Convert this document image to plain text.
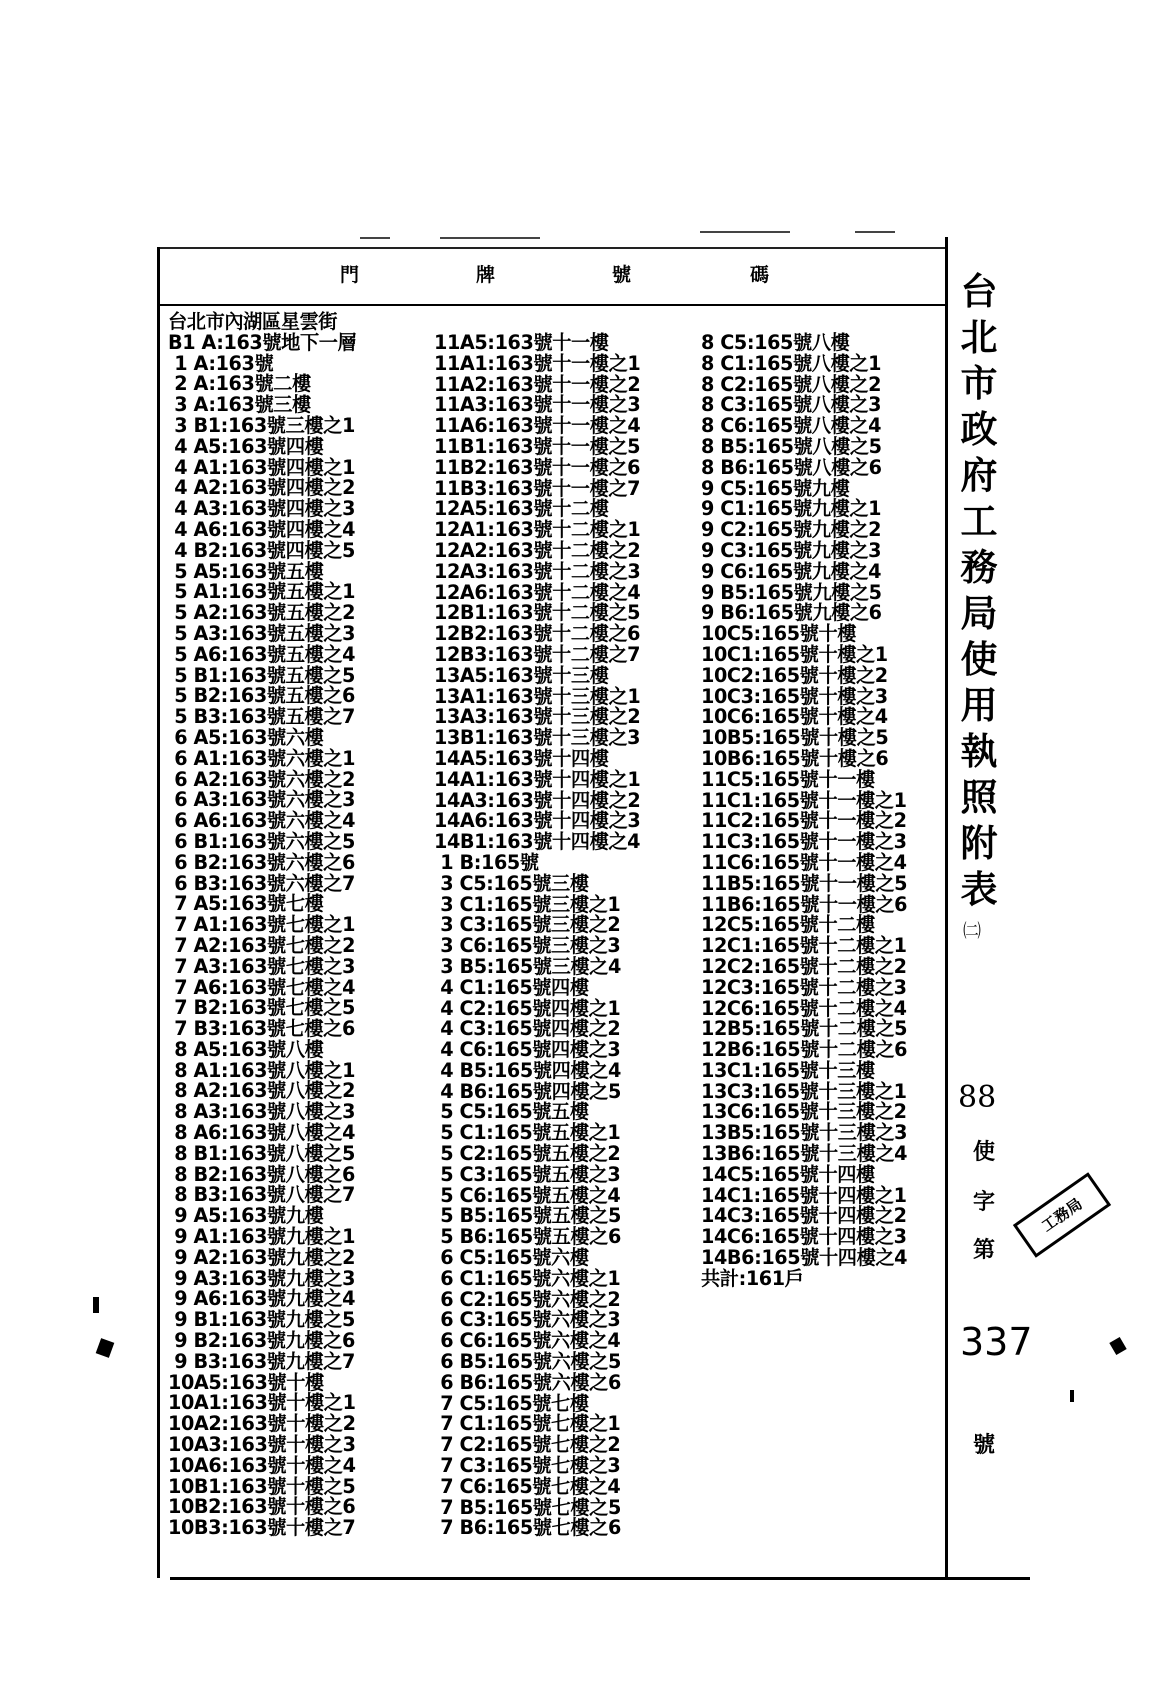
門	牌	號	碼
台北市內湖區星雲街
B1 A:163號地下一層
1 A:163號
2 A:163號二樓
3 A:163號三樓
3 B1:163號三樓之1
4 A5:163號四樓
4 A1:163號四樓之1
4 A2:163號四樓之2
4 A3:163號四樓之3
4 A6:163號四樓之4
4 B2:163號四樓之5
5 A5:163號五樓
5 A1:163號五樓之1
5 A2:163號五樓之2
5 A3:163號五樓之3
5 A6:163號五樓之4
5 B1:163號五樓之5
5 B2:163號五樓之6
5 B3:163號五樓之7
6 A5:163號六樓
6 A1:163號六樓之1
6 A2:163號六樓之2
6 A3:163號六樓之3
6 A6:163號六樓之4
6 B1:163號六樓之5
6 B2:163號六樓之6
6 B3:163號六樓之7
7 A5:163號七樓
7 A1:163號七樓之1
7 A2:163號七樓之2
7 A3:163號七樓之3
7 A6:163號七樓之4
7 B2:163號七樓之5
7 B3:163號七樓之6
8 A5:163號八樓
8 A1:163號八樓之1
8 A2:163號八樓之2
8 A3:163號八樓之3
8 A6:163號八樓之4
8 B1:163號八樓之5
8 B2:163號八樓之6
8 B3:163號八樓之7
9 A5:163號九樓
9 A1:163號九樓之1
9 A2:163號九樓之2
9 A3:163號九樓之3
9 A6:163號九樓之4
9 B1:163號九樓之5
9 B2:163號九樓之6
9 B3:163號九樓之7
10A5:163號十樓
10A1:163號十樓之1
10A2:163號十樓之2
10A3:163號十樓之3
10A6:163號十樓之4
10B1:163號十樓之5
10B2:163號十樓之6
10B3:163號十樓之7
11A5:163號十一樓
11A1:163號十一樓之1
11A2:163號十一樓之2
11A3:163號十一樓之3
11A6:163號十一樓之4
11B1:163號十一樓之5
11B2:163號十一樓之6
11B3:163號十一樓之7
12A5:163號十二樓
12A1:163號十二樓之1
12A2:163號十二樓之2
12A3:163號十二樓之3
12A6:163號十二樓之4
12B1:163號十二樓之5
12B2:163號十二樓之6
12B3:163號十二樓之7
13A5:163號十三樓
13A1:163號十三樓之1
13A3:163號十三樓之2
13B1:163號十三樓之3
14A5:163號十四樓
14A1:163號十四樓之1
14A3:163號十四樓之2
14A6:163號十四樓之3
14B1:163號十四樓之4
1 B:165號
3 C5:165號三樓
3 C1:165號三樓之1
3 C3:165號三樓之2
3 C6:165號三樓之3
3 B5:165號三樓之4
4 C1:165號四樓
4 C2:165號四樓之1
4 C3:165號四樓之2
4 C6:165號四樓之3
4 B5:165號四樓之4
4 B6:165號四樓之5
5 C5:165號五樓
5 C1:165號五樓之1
5 C2:165號五樓之2
5 C3:165號五樓之3
5 C6:165號五樓之4
5 B5:165號五樓之5
5 B6:165號五樓之6
6 C5:165號六樓
6 C1:165號六樓之1
6 C2:165號六樓之2
6 C3:165號六樓之3
6 C6:165號六樓之4
6 B5:165號六樓之5
6 B6:165號六樓之6
7 C5:165號七樓
7 C1:165號七樓之1
7 C2:165號七樓之2
7 C3:165號七樓之3
7 C6:165號七樓之4
7 B5:165號七樓之5
7 B6:165號七樓之6
8 C5:165號八樓
8 C1:165號八樓之1
8 C2:165號八樓之2
8 C3:165號八樓之3
8 C6:165號八樓之4
8 B5:165號八樓之5
8 B6:165號八樓之6
9 C5:165號九樓
9 C1:165號九樓之1
9 C2:165號九樓之2
9 C3:165號九樓之3
9 C6:165號九樓之4
9 B5:165號九樓之5
9 B6:165號九樓之6
10C5:165號十樓
10C1:165號十樓之1
10C2:165號十樓之2
10C3:165號十樓之3
10C6:165號十樓之4
10B5:165號十樓之5
10B6:165號十樓之6
11C5:165號十一樓
11C1:165號十一樓之1
11C2:165號十一樓之2
11C3:165號十一樓之3
11C6:165號十一樓之4
11B5:165號十一樓之5
11B6:165號十一樓之6
12C5:165號十二樓
12C1:165號十二樓之1
12C2:165號十二樓之2
12C3:165號十二樓之3
12C6:165號十二樓之4
12B5:165號十二樓之5
12B6:165號十二樓之6
13C1:165號十三樓
13C3:165號十三樓之1
13C6:165號十三樓之2
13B5:165號十三樓之3
13B6:165號十三樓之4
14C5:165號十四樓
14C1:165號十四樓之1
14C3:165號十四樓之2
14C6:165號十四樓之3
14B6:165號十四樓之4
共計:161戶
台
北
市
政
府
工
務
局
使
用
執
照
附
表
㈡
88
使
字
第
337
號
工務局
